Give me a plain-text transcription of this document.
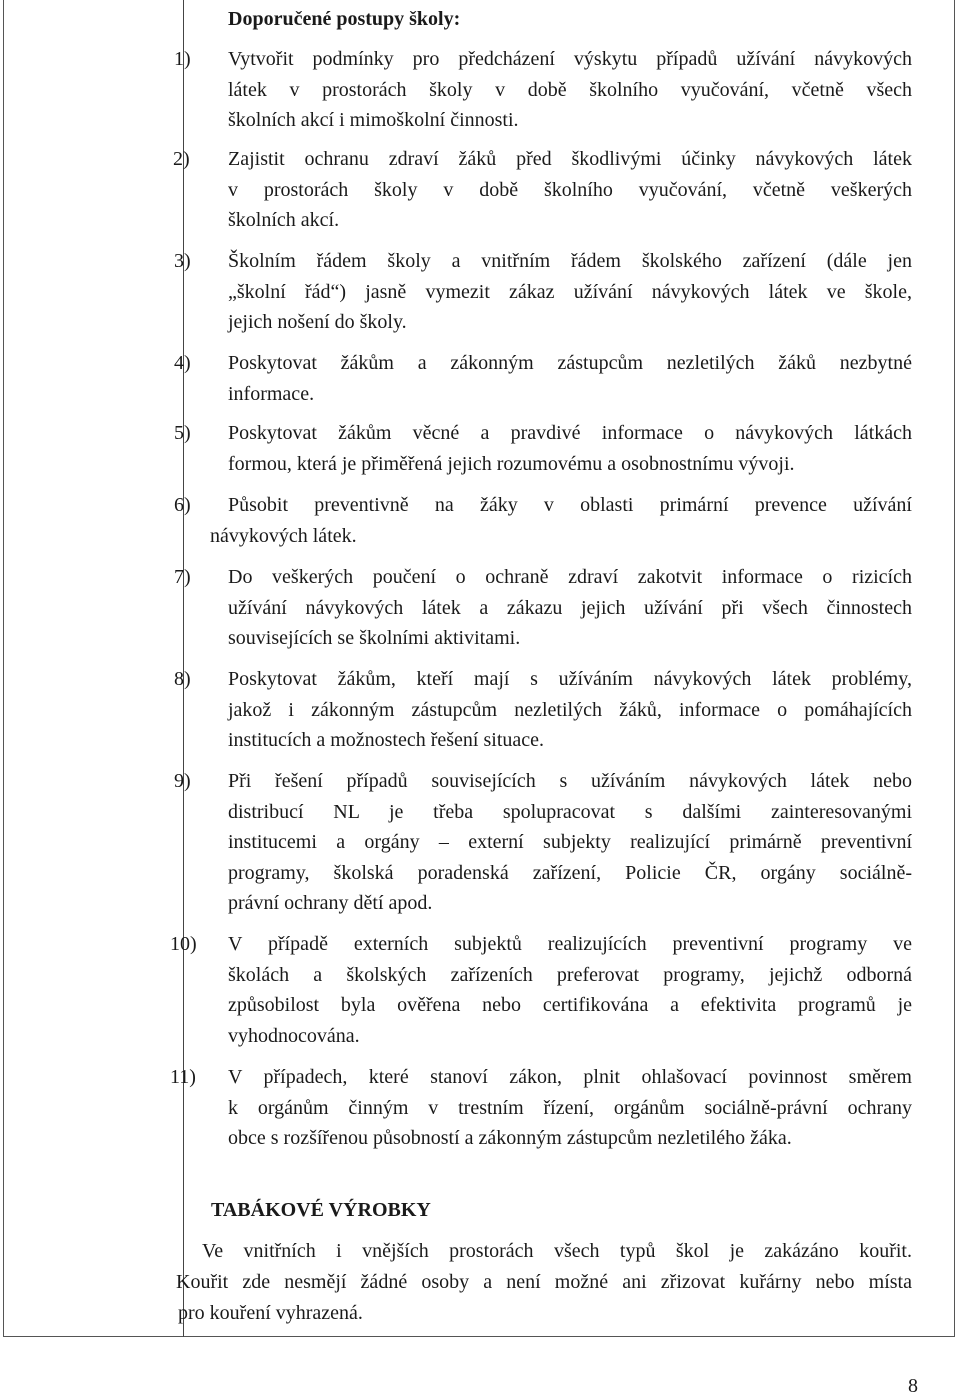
Doporučené postupy školy:
1) Vytvořit podmínky pro předcházení výskytu případů užívání návykových
látek v prostorách školy v době školního vyučování, včetně všech
školních akcí i mimoškolní činnosti.
2) Zajistit ochranu zdraví žáků před škodlivými účinky návykových látek
v prostorách školy v době školního vyučování, včetně veškerých
školních akcí.
3) Školním řádem školy a vnitřním řádem školského zařízení (dále jen
„školní řád“) jasně vymezit zákaz užívání návykových látek ve škole,
jejich nošení do školy.
4) Poskytovat žákům a zákonným zástupcům nezletilých žáků nezbytné
informace.
5) Poskytovat žákům věcné a pravdivé informace o návykových látkách
formou, která je přiměřená jejich rozumovému a osobnostnímu vývoji.
6) Působit preventivně na žáky v oblasti primární prevence užívání
návykových látek.
7) Do veškerých poučení o ochraně zdraví zakotvit informace o rizicích
užívání návykových látek a zákazu jejich užívání při všech činnostech
souvisejících se školními aktivitami.
8) Poskytovat žákům, kteří mají s užíváním návykových látek problémy,
jakož i zákonným zástupcům nezletilých žáků, informace o pomáhajících
institucích a možnostech řešení situace.
9) Při řešení případů souvisejících s užíváním návykových látek nebo
distribucí NL je třeba spolupracovat s dalšími zainteresovanými
institucemi a orgány – externí subjekty realizující primárně preventivní
programy, školská poradenská zařízení, Policie ČR, orgány sociálně-
právní ochrany dětí apod.
10) V případě externích subjektů realizujících preventivní programy ve
školách a školských zařízeních preferovat programy, jejichž odborná
způsobilost byla ověřena nebo certifikována a efektivita programů je
vyhodnocována.
11) V případech, které stanoví zákon, plnit ohlašovací povinnost směrem
k orgánům činným v trestním řízení, orgánům sociálně-právní ochrany
obce s rozšířenou působností a zákonným zástupcům nezletilého žáka.
TABÁKOVÉ VÝROBKY
Ve vnitřních i vnějších prostorách všech typů škol je zakázáno kouřit.
Kouřit zde nesmějí žádné osoby a není možné ani zřizovat kuřárny nebo místa
pro kouření vyhrazená.
8
